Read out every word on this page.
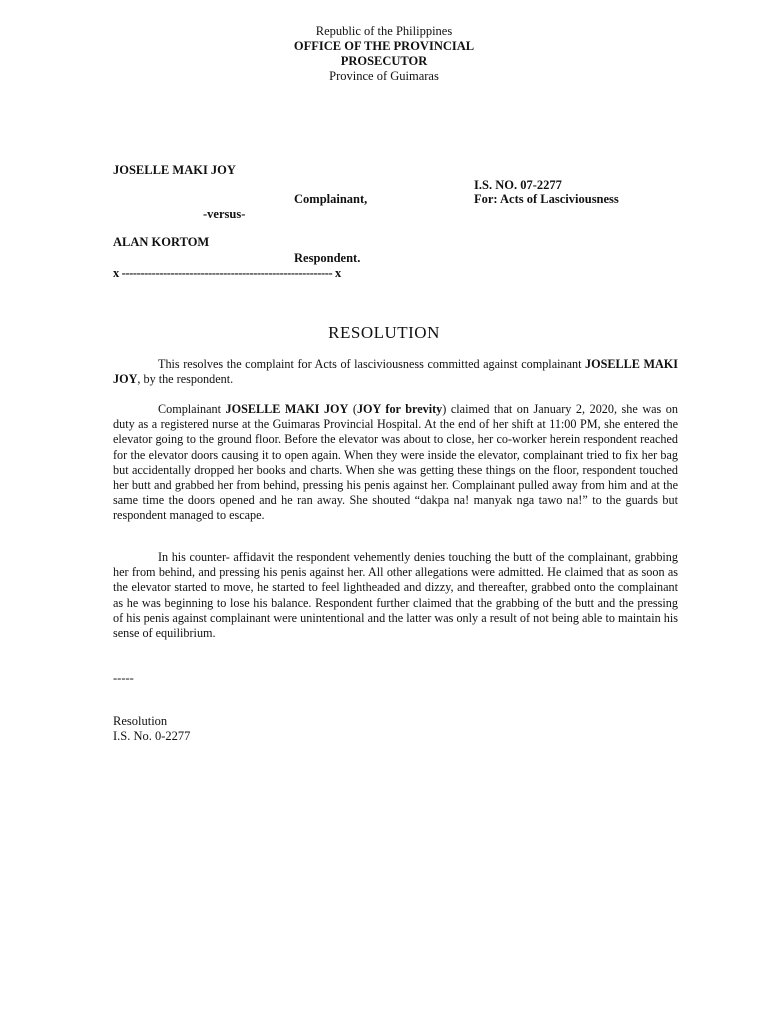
Republic of the Philippines

OFFICE OF THE PROVINCIAL

PROSECUTOR

Province of Guimaras

JOSELLE MAKI JOY

I.S. NO. 07-2277

Complainant,	For: Acts of Lasciviousness

-versus-

ALAN KORTOM

Respondent.

x -------------------------------------------------------- x

RESOLUTION

This resolves the complaint for Acts of lasciviousness committed against complainant JOSELLE MAKI JOY, by the respondent.

Complainant JOSELLE MAKI JOY (JOY for brevity) claimed that on January 2, 2020, she was on duty as a registered nurse at the Guimaras Provincial Hospital. At the end of her shift at 11:00 PM, she entered the elevator going to the ground floor. Before the elevator was about to close, her co-worker herein respondent reached for the elevator doors causing it to open again. When they were inside the elevator, complainant tried to fix her bag but accidentally dropped her books and charts. When she was getting these things on the floor, respondent touched her butt and grabbed her from behind, pressing his penis against her. Complainant pulled away from him and at the same time the doors opened and he ran away. She shouted “dakpa na! manyak nga tawo na!” to the guards but respondent managed to escape.

In his counter- affidavit the respondent vehemently denies touching the butt of the complainant, grabbing her from behind, and pressing his penis against her. All other allegations were admitted. He claimed that as soon as the elevator started to move, he started to feel lightheaded and dizzy, and thereafter, grabbed onto the complainant as he was beginning to lose his balance. Respondent further claimed that the grabbing of the butt and the pressing of his penis against complainant were unintentional and the latter was only a result of not being able to maintain his sense of equilibrium.

-----

Resolution

I.S. No. 0-2277
